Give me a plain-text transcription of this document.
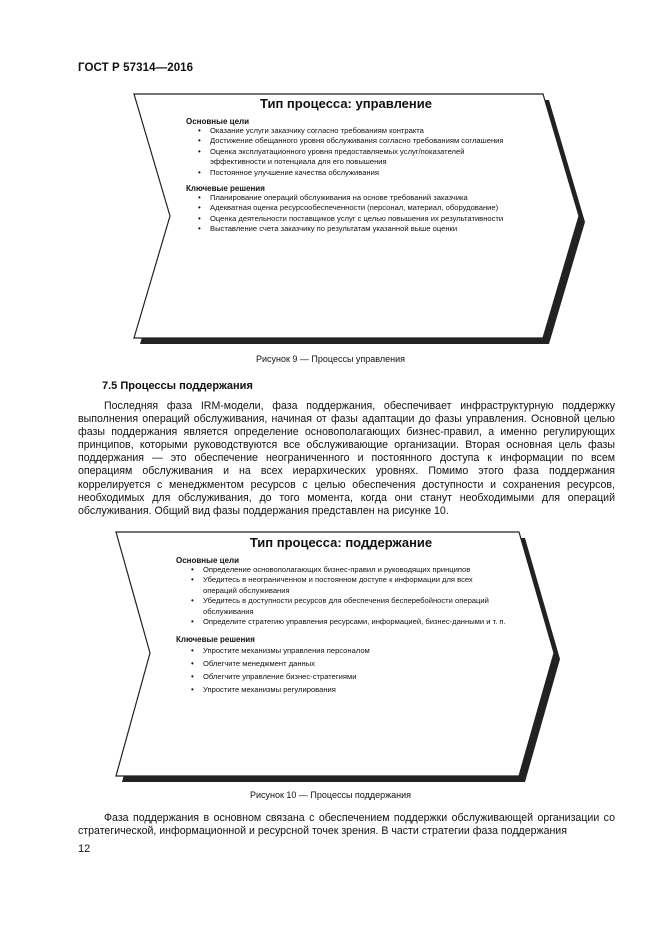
ГОСТ Р 57314—2016
Тип процесса: управление
Основные цели
• Оказание услуги заказчику согласно требованиям контракта
• Достижение обещанного уровня обслуживания согласно требованиям соглашения
• Оценка эксплуатационного уровня предоставляемых услуг/показателей эффективности и потенциала для его повышения
• Постоянное улучшение качества обслуживания
Ключевые решения
• Планирование операций обслуживания на основе требований заказчика
• Адекватная оценка ресурсообеспеченности (персонал, материал, оборудование)
• Оценка деятельности поставщиков услуг с целью повышения их результативности
• Выставление счета заказчику по результатам указанной выше оценки
Рисунок 9 — Процессы управления
7.5 Процессы поддержания

Последняя фаза IRM-модели, фаза поддержания, обеспечивает инфраструктурную поддержку выполнения операций обслуживания, начиная от фазы адаптации до фазы управления. Основной целью фазы поддержания является определение основополагающих бизнес-правил, а именно регулирующих принципов, которыми руководствуются все обслуживающие организации. Вторая основная цель фазы поддержания — это обеспечение неограниченного и постоянного доступа к информации по всем операциям обслуживания и на всех иерархических уровнях. Помимо этого фаза поддержания коррелируется с менеджментом ресурсов с целью обеспечения доступности и сохранения ресурсов, необходимых для обслуживания, до того момента, когда они станут необходимыми для операций обслуживания. Общий вид фазы поддержания представлен на рисунке 10.

Тип процесса: поддержание
Основные цели
• Определение основополагающих бизнес-правил и руководящих принципов
• Убедитесь в неограниченном и постоянном доступе к информации для всех операций обслуживания
• Убедитесь в доступности ресурсов для обеспечения бесперебойности операций обслуживания
• Определите стратегию управления ресурсами, информацией, бизнес-данными и т. п.
Ключевые решения
• Упростите механизмы управления персоналом
• Облегчите менеджмент данных
• Облегчите управление бизнес-стратегиями
• Упростите механизмы регулирования
Рисунок 10 — Процессы поддержания

Фаза поддержания в основном связана с обеспечением поддержки обслуживающей организации со стратегической, информационной и ресурсной точек зрения. В части стратегии фаза поддержания

12
